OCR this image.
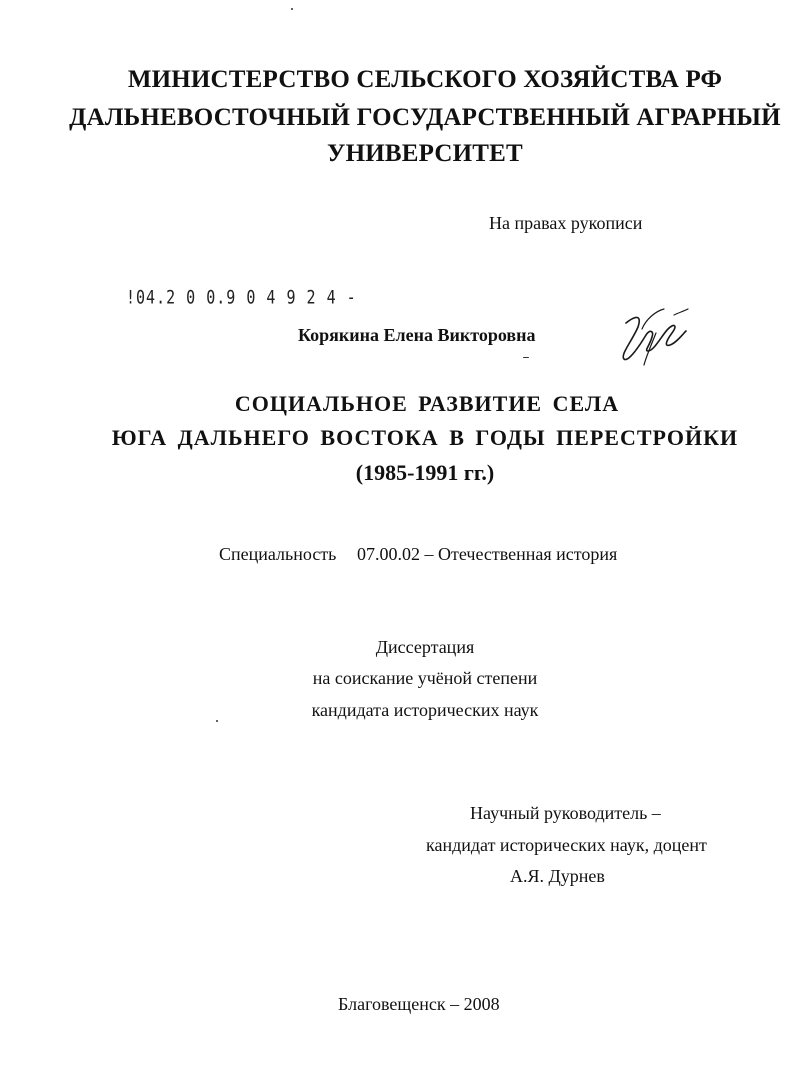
МИНИСТЕРСТВО СЕЛЬСКОГО ХОЗЯЙСТВА РФ
ДАЛЬНЕВОСТОЧНЫЙ ГОСУДАРСТВЕННЫЙ АГРАРНЫЙ
УНИВЕРСИТЕТ
На правах рукописи
!04.2 0 0.9 0 4 9 2 4 -
Корякина Елена Викторовна
СОЦИАЛЬНОЕ РАЗВИТИЕ СЕЛА
ЮГА ДАЛЬНЕГО ВОСТОКА В ГОДЫ ПЕРЕСТРОЙКИ
(1985-1991 гг.)
Специальность 07.00.02 – Отечественная история
Диссертация
на соискание учёной степени
кандидата исторических наук
Научный руководитель –
кандидат исторических наук, доцент
А.Я. Дурнев
Благовещенск – 2008
